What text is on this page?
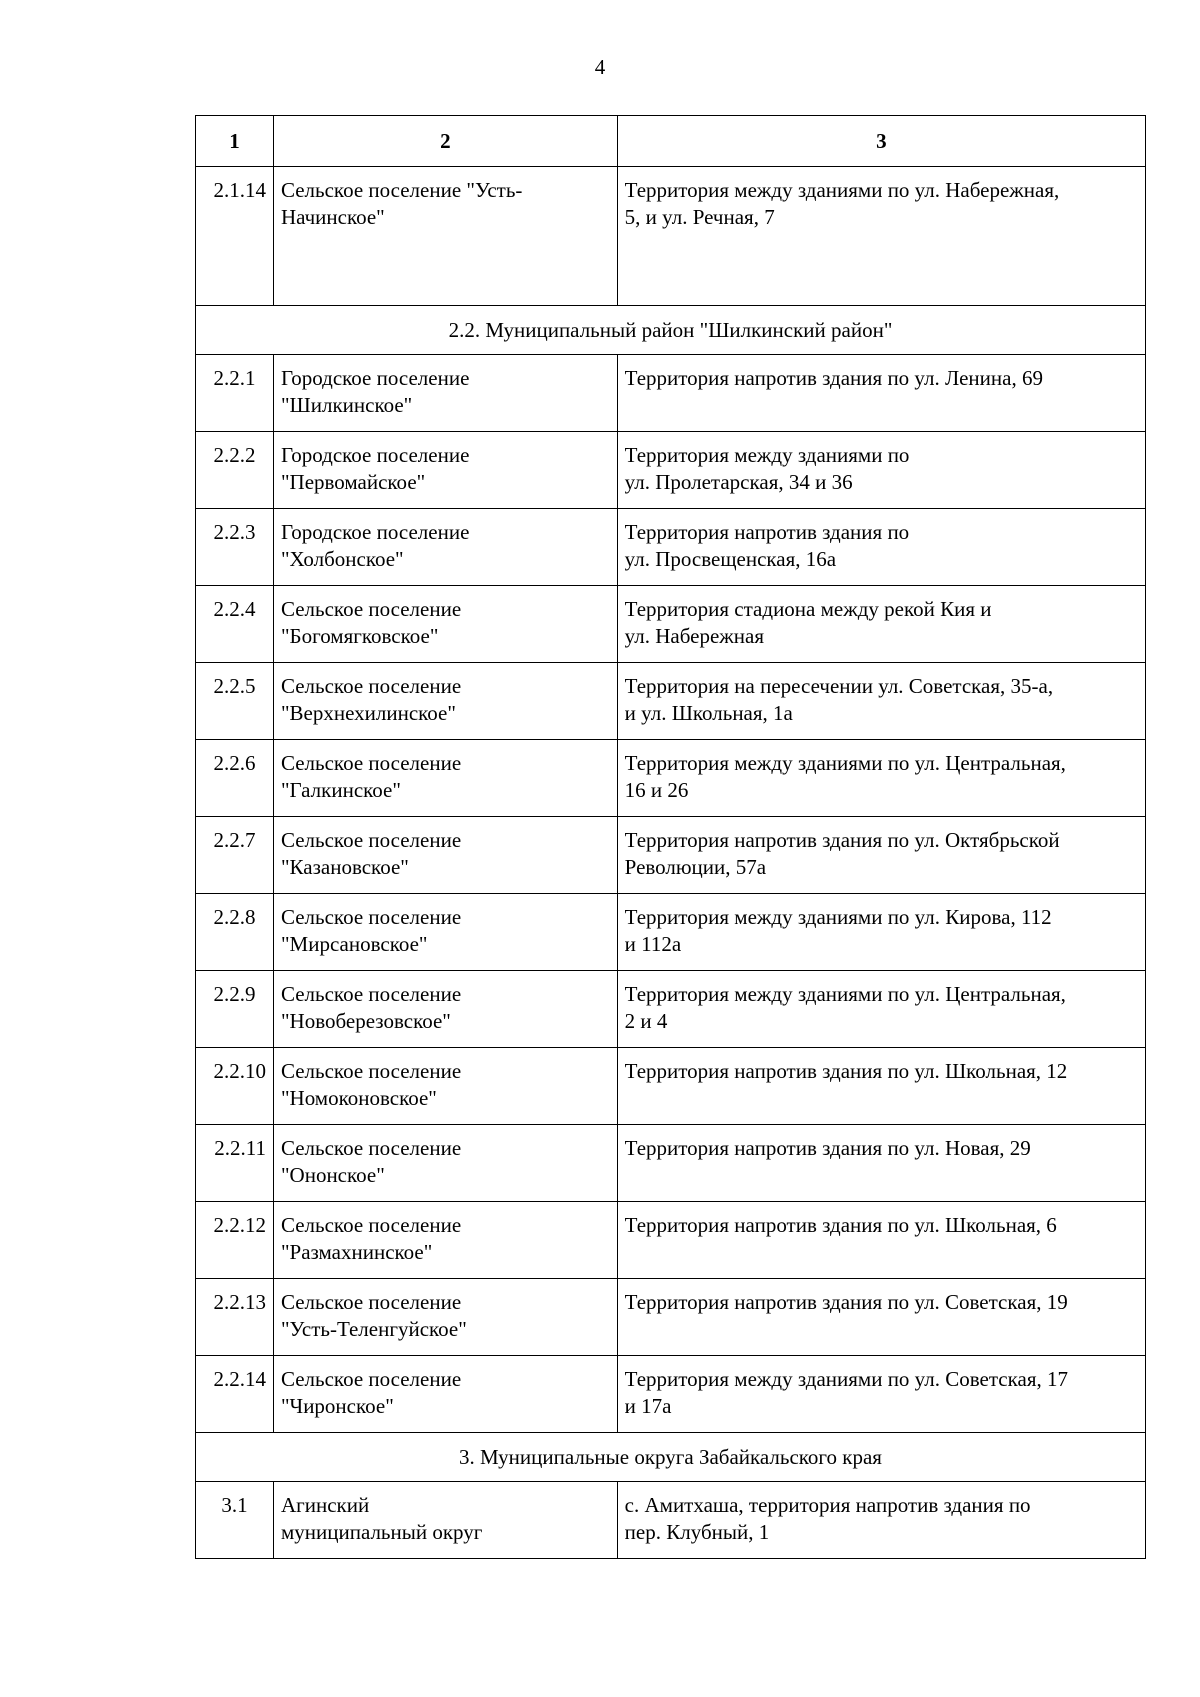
4
1	2	3
2.1.14	Сельское поселение "Усть-
Начинское"	Территория между зданиями по ул. Набережная,
5, и ул. Речная, 7
2.2. Муниципальный район "Шилкинский район"		
2.2.1	Городское поселение
"Шилкинское"	Территория напротив здания по ул. Ленина, 69
2.2.2	Городское поселение
"Первомайское"	Территория между зданиями по
ул. Пролетарская, 34 и 36
2.2.3	Городское поселение
"Холбонское"	Территория напротив здания по
ул. Просвещенская, 16а
2.2.4	Сельское поселение
"Богомягковское"	Территория стадиона между рекой Кия и
ул. Набережная
2.2.5	Сельское поселение
"Верхнехилинское"	Территория на пересечении ул. Советская, 35-а,
и ул. Школьная, 1а
2.2.6	Сельское поселение
"Галкинское"	Территория между зданиями по ул. Центральная,
16 и 26
2.2.7	Сельское поселение
"Казановское"	Территория напротив здания по ул. Октябрьской
Революции, 57а
2.2.8	Сельское поселение
"Мирсановское"	Территория между зданиями по ул. Кирова, 112
и 112а
2.2.9	Сельское поселение
"Новоберезовское"	Территория между зданиями по ул. Центральная,
2 и 4
2.2.10	Сельское поселение
"Номоконовское"	Территория напротив здания по ул. Школьная, 12
2.2.11	Сельское поселение
"Ононское"	Территория напротив здания по ул. Новая, 29
2.2.12	Сельское поселение
"Размахнинское"	Территория напротив здания по ул. Школьная, 6
2.2.13	Сельское поселение
"Усть-Теленгуйское"	Территория напротив здания по ул. Советская, 19
2.2.14	Сельское поселение
"Чиронское"	Территория между зданиями по ул. Советская, 17
и 17а
3. Муниципальные округа Забайкальского края		
3.1	Агинский
муниципальный округ	с. Амитхаша, территория напротив здания по
пер. Клубный, 1
